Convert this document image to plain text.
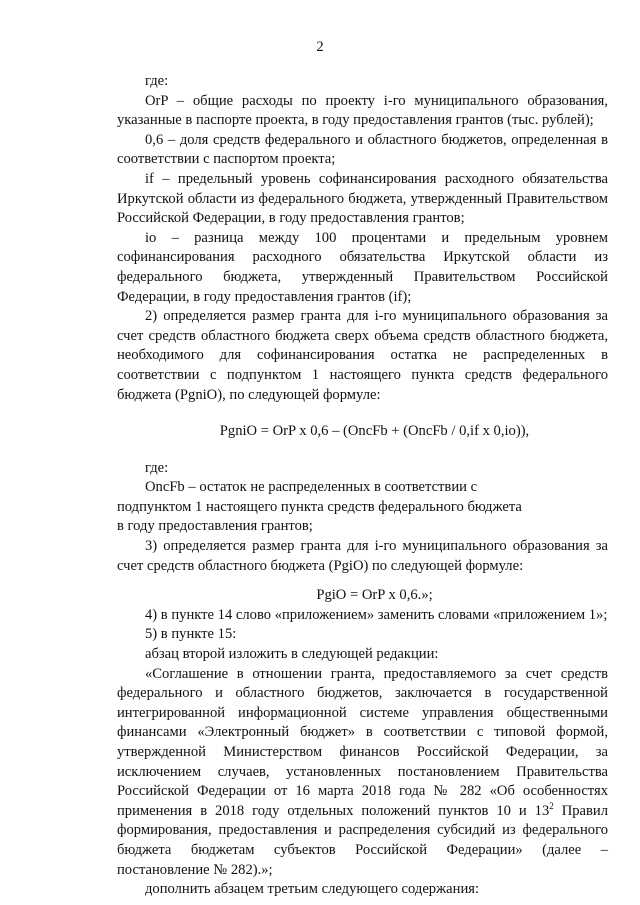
2

где:

OrP – общие расходы по проекту i-го муниципального образования, указанные в паспорте проекта, в году предоставления грантов (тыс. рублей);

0,6 – доля средств федерального и областного бюджетов, определенная в соответствии с паспортом проекта;

if – предельный уровень софинансирования расходного обязательства Иркутской области из федерального бюджета, утвержденный Правительством Российской Федерации, в году предоставления грантов;

io – разница между 100 процентами и предельным уровнем софинансирования расходного обязательства Иркутской области из федерального бюджета, утвержденный Правительством Российской Федерации, в году предоставления грантов (if);

2) определяется размер гранта для i-го муниципального образования за счет средств областного бюджета сверх объема средств областного бюджета, необходимого для софинансирования остатка не распределенных в соответствии с подпунктом 1 настоящего пункта средств федерального бюджета (PgniO), по следующей формуле:

PgniO = OrP x 0,6 – (OncFb + (OncFb / 0,if x 0,io)),

где:

OncFb – остаток не распределенных в соответствии с

подпунктом 1 настоящего пункта средств федерального бюджета

в году предоставления грантов;

3) определяется размер гранта для i-го муниципального образования за счет средств областного бюджета (PgiO) по следующей формуле:

PgiO = OrP x 0,6.»;

4) в пункте 14 слово «приложением» заменить словами «приложением 1»;

5) в пункте 15:

абзац второй изложить в следующей редакции:

«Соглашение в отношении гранта, предоставляемого за счет средств федерального и областного бюджетов, заключается в государственной интегрированной информационной системе управления общественными финансами «Электронный бюджет» в соответствии с типовой формой, утвержденной Министерством финансов Российской Федерации, за исключением случаев, установленных постановлением Правительства Российской Федерации от 16 марта 2018 года № 282 «Об особенностях применения в 2018 году отдельных положений пунктов 10 и $13^2$ Правил формирования, предоставления и распределения субсидий из федерального бюджета бюджетам субъектов Российской Федерации» (далее – постановление № 282).»;

дополнить абзацем третьим следующего содержания:
